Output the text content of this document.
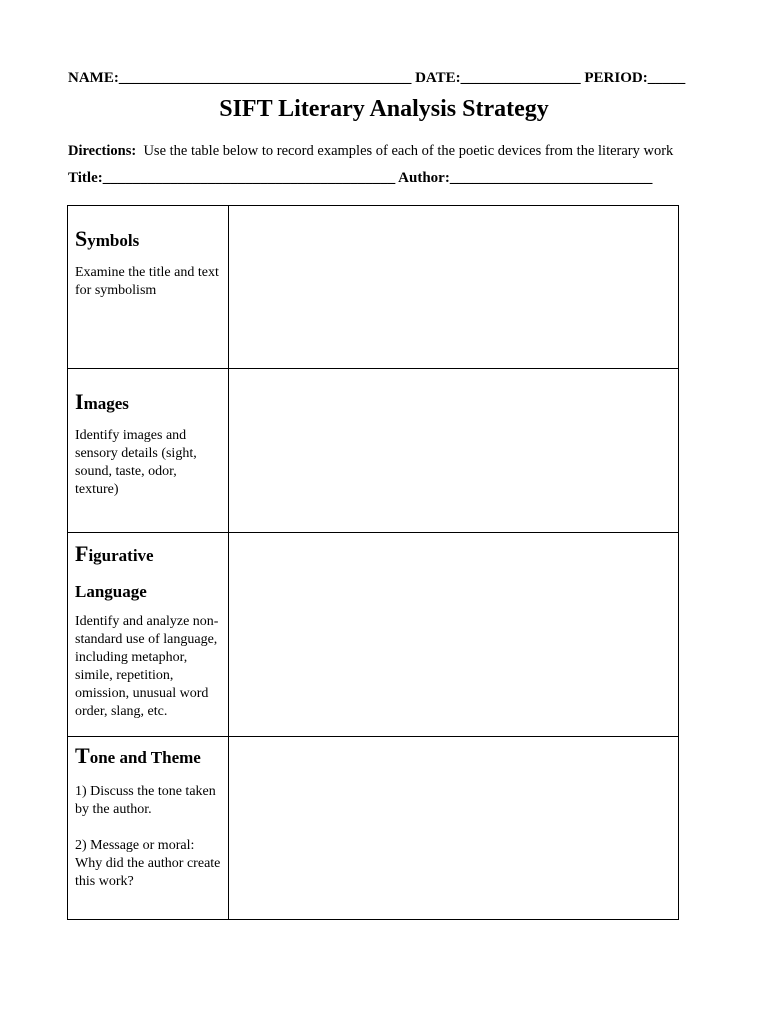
NAME:_______________________________________ DATE:________________ PERIOD:_____
SIFT Literary Analysis Strategy
Directions: Use the table below to record examples of each of the poetic devices from the literary work
Title:_______________________________________ Author:___________________________
Symbols
Examine the title and text for symbolism	

Images
Identify images and sensory details (sight, sound, taste, odor, texture)	

Figurative
Language
Identify and analyze non-standard use of language, including metaphor, simile, repetition, omission, unusual word order, slang, etc.	

Tone and Theme

1) Discuss the tone taken by the author.

2) Message or moral: Why did the author create this work?	
